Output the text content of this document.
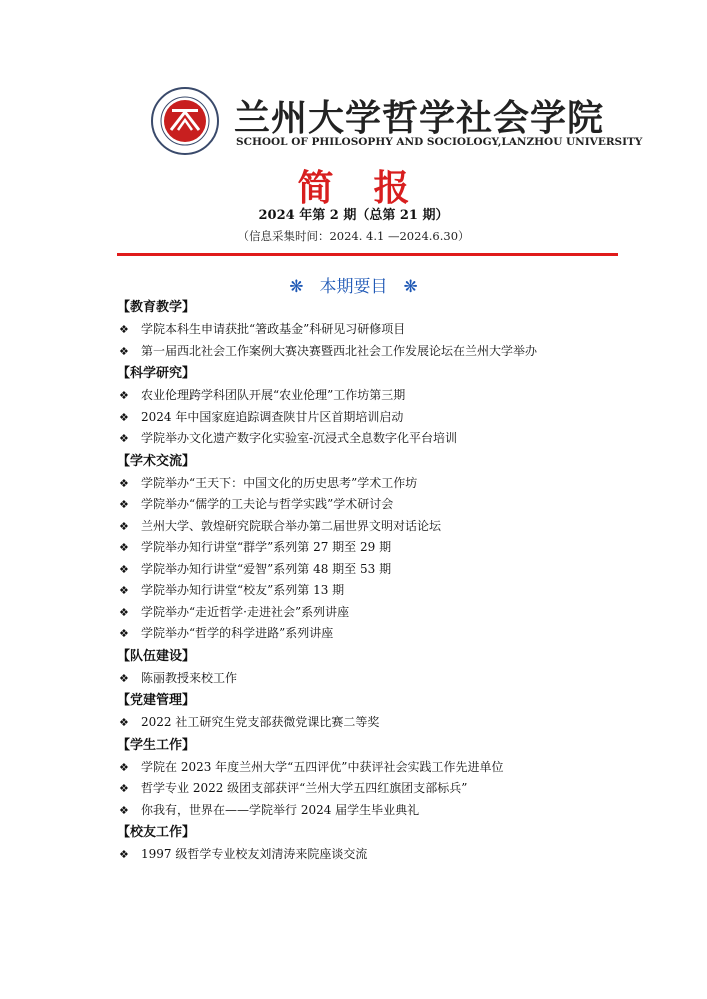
兰州大学哲学社会学院
SCHOOL OF PHILOSOPHY AND SOCIOLOGY,LANZHOU UNIVERSITY
简报
2024 年第 2 期（总第 21 期）
（信息采集时间：2024. 4.1 —2024.6.30）
❋ 本期要目 ❋
【教育教学】
❖ 学院本科生申请获批“箸政基金”科研见习研修项目
❖ 第一届西北社会工作案例大赛决赛暨西北社会工作发展论坛在兰州大学举办
【科学研究】
❖ 农业伦理跨学科团队开展“农业伦理”工作坊第三期
❖ 2024 年中国家庭追踪调查陕甘片区首期培训启动
❖ 学院举办文化遗产数字化实验室-沉浸式全息数字化平台培训
【学术交流】
❖ 学院举办“王天下：中国文化的历史思考”学术工作坊
❖ 学院举办“儒学的工夫论与哲学实践”学术研讨会
❖ 兰州大学、敦煌研究院联合举办第二届世界文明对话论坛
❖ 学院举办知行讲堂“群学”系列第 27 期至 29 期
❖ 学院举办知行讲堂“爱智”系列第 48 期至 53 期
❖ 学院举办知行讲堂“校友”系列第 13 期
❖ 学院举办“走近哲学·走进社会”系列讲座
❖ 学院举办“哲学的科学进路”系列讲座
【队伍建设】
❖ 陈丽教授来校工作
【党建管理】
❖ 2022 社工研究生党支部获微党课比赛二等奖
【学生工作】
❖ 学院在 2023 年度兰州大学“五四评优”中获评社会实践工作先进单位
❖ 哲学专业 2022 级团支部获评“兰州大学五四红旗团支部标兵”
❖ 你我有，世界在——学院举行 2024 届学生毕业典礼
【校友工作】
❖ 1997 级哲学专业校友刘清涛来院座谈交流
